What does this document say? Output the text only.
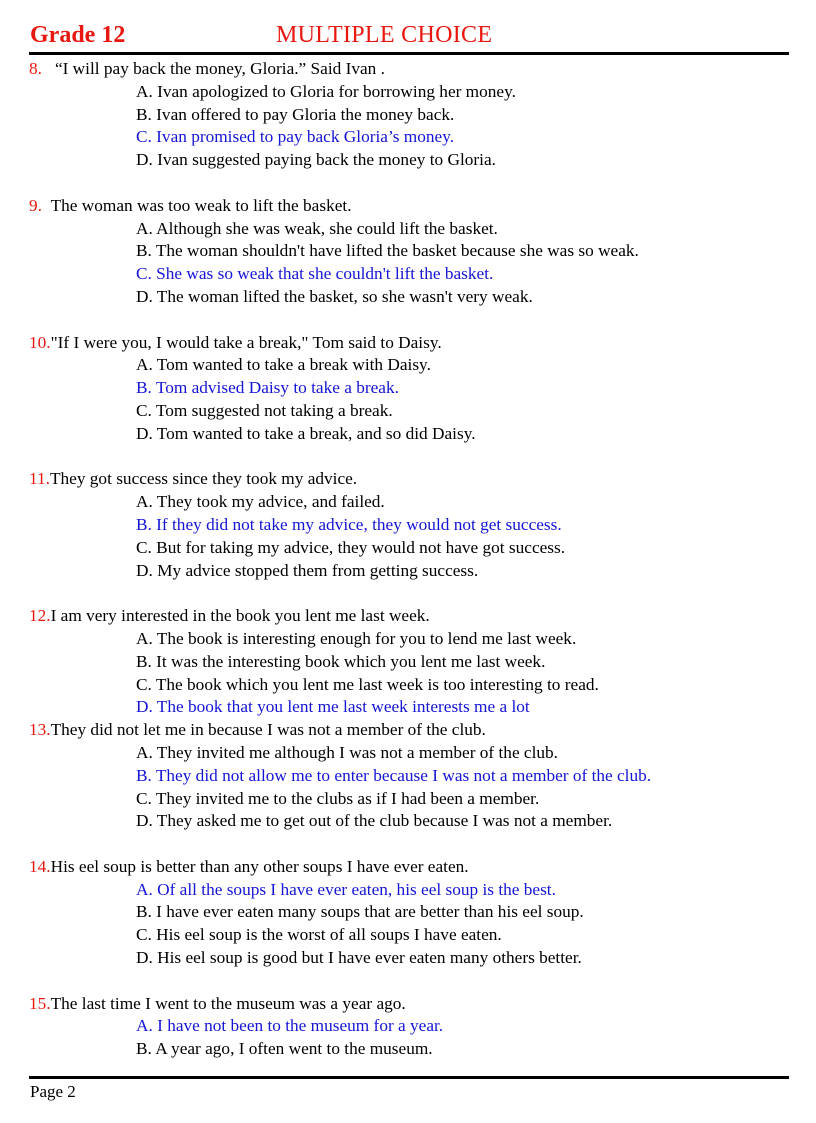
Grade 12	MULTIPLE CHOICE
8. “I will pay back the money, Gloria.” Said Ivan .
A. Ivan apologized to Gloria for borrowing her money.
B. Ivan offered to pay Gloria the money back.
C. Ivan promised to pay back Gloria’s money.
D. Ivan suggested paying back the money to Gloria.
9. The woman was too weak to lift the basket.
A. Although she was weak, she could lift the basket.
B. The woman shouldn't have lifted the basket because she was so weak.
C. She was so weak that she couldn't lift the basket.
D. The woman lifted the basket, so she wasn't very weak.
10."If I were you, I would take a break," Tom said to Daisy.
A. Tom wanted to take a break with Daisy.
B. Tom advised Daisy to take a break.
C. Tom suggested not taking a break.
D. Tom wanted to take a break, and so did Daisy.
11.They got success since they took my advice.
A. They took my advice, and failed.
B. If they did not take my advice, they would not get success.
C. But for taking my advice, they would not have got success.
D. My advice stopped them from getting success.
12.I am very interested in the book you lent me last week.
A. The book is interesting enough for you to lend me last week.
B. It was the interesting book which you lent me last week.
C. The book which you lent me last week is too interesting to read.
D. The book that you lent me last week interests me a lot
13.They did not let me in because I was not a member of the club.
A. They invited me although I was not a member of the club.
B. They did not allow me to enter because I was not a member of the club.
C. They invited me to the clubs as if I had been a member.
D. They asked me to get out of the club because I was not a member.
14.His eel soup is better than any other soups I have ever eaten.
A. Of all the soups I have ever eaten, his eel soup is the best.
B. I have ever eaten many soups that are better than his eel soup.
C. His eel soup is the worst of all soups I have eaten.
D. His eel soup is good but I have ever eaten many others better.
15.The last time I went to the museum was a year ago.
A. I have not been to the museum for a year.
B. A year ago, I often went to the museum.
Page 2
